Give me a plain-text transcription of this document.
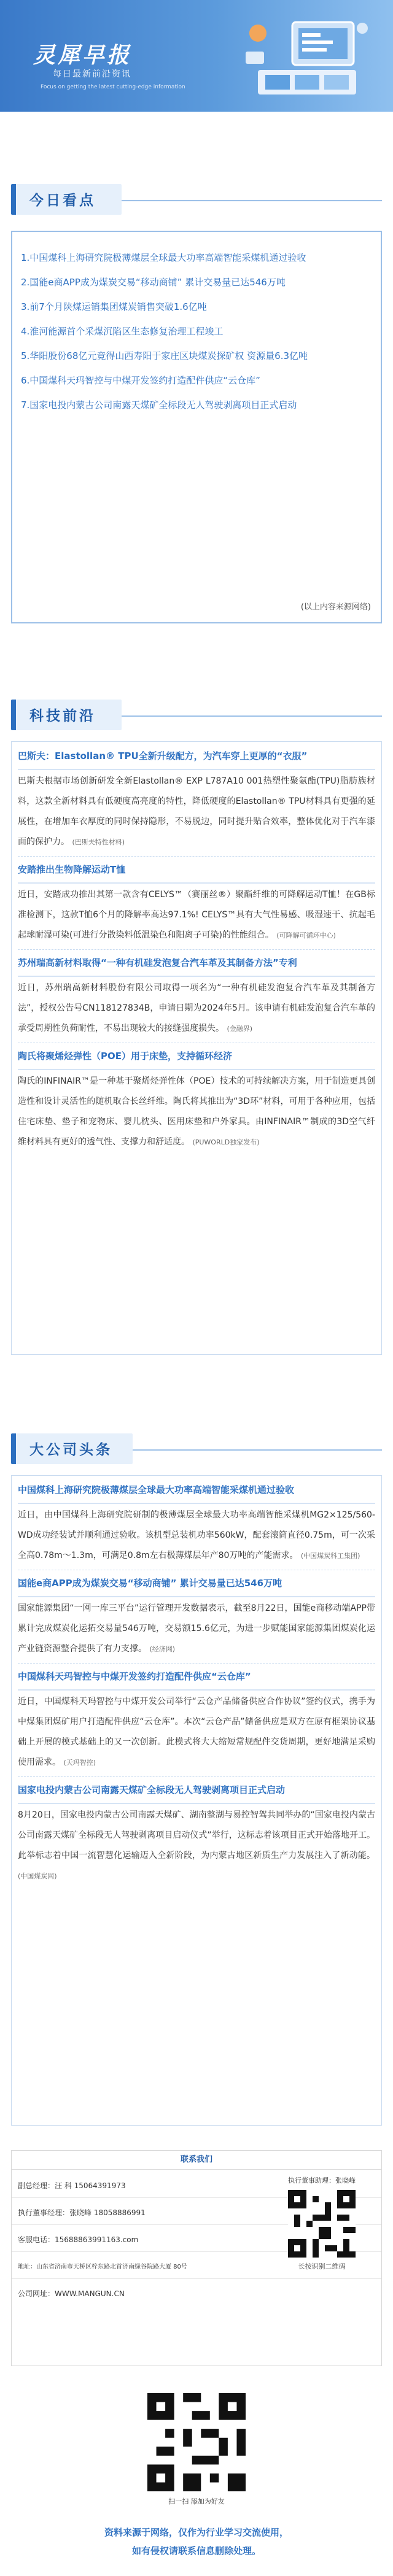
灵犀早报
每日最新前沿资讯
Focus on getting the latest cutting-edge information
今日看点
1.中国煤科上海研究院极薄煤层全球最大功率高端智能采煤机通过验收
2.国能e商APP成为煤炭交易“移动商铺” 累计交易量已达546万吨
3.前7个月陕煤运销集团煤炭销售突破1.6亿吨
4.淮河能源首个采煤沉陷区生态修复治理工程竣工
5.华阳股份68亿元竞得山西寿阳于家庄区块煤炭探矿权 资源量6.3亿吨
6.中国煤科天玛智控与中煤开发签约打造配件供应“云仓库”
7.国家电投内蒙古公司南露天煤矿全标段无人驾驶剥离项目正式启动
(以上内容来源网络)
科技前沿
巴斯夫：Elastollan® TPU全新升级配方，为汽车穿上更厚的“衣服”
巴斯夫根据市场创新研发全新Elastollan® EXP L787A10 001热塑性聚氨酯(TPU)脂肪族材料，这款全新材料具有低硬度高亮度的特性，降低硬度的Elastollan® TPU材料具有更强的延展性，在增加车衣厚度的同时保持隐形，不易脱边，同时提升贴合效率，整体优化对于汽车漆面的保护力。 (巴斯夫特性材料)
安踏推出生物降解运动T恤
近日，安踏成功推出其第一款含有CELYS™（赛丽丝®）聚酯纤维的可降解运动T恤！在GB标准检测下，这款T恤6个月的降解率高达97.1%! CELYS™具有大气性易感、吸湿速干、抗起毛起球耐湿可染(可进行分散染料低温染色和阳离子可染)的性能组合。 (可降解可循环中心)
苏州瑞高新材料取得“一种有机硅发泡复合汽车革及其制备方法”专利
近日，苏州瑞高新材料股份有限公司取得一项名为“一种有机硅发泡复合汽车革及其制备方法”，授权公告号CN118127834B，申请日期为2024年5月。该申请有机硅发泡复合汽车革的承受周期性负荷耐性，不易出现较大的接缝强度损失。 (金融界)
陶氏将聚烯烃弹性（POE）用于床垫，支持循环经济
陶氏的INFINAIR™是一种基于聚烯烃弹性体（POE）技术的可持续解决方案，用于制造更具创造性和设计灵活性的随机取合长丝纤维。陶氏将其推出为“3D环”材料，可用于各种应用，包括住宅床垫、垫子和宠物床、婴儿枕头、医用床垫和户外家具。由INFINAIR™制成的3D空气纤维材料具有更好的透气性、支撑力和舒适度。 (PUWORLD独家发布)
大公司头条
中国煤科上海研究院极薄煤层全球最大功率高端智能采煤机通过验收
近日，由中国煤科上海研究院研制的极薄煤层全球最大功率高端智能采煤机MG2×125/560-WD成功经装试并顺利通过验收。该机型总装机功率560kW，配套滚筒直径0.75m，可一次采全高0.78m～1.3m，可满足0.8m左右极薄煤层年产80万吨的产能需求。 (中国煤炭科工集团)
国能e商APP成为煤炭交易“移动商铺” 累计交易量已达546万吨
国家能源集团“一网一库三平台”运行管理开发数据表示，截至8月22日，国能e商移动端APP带累计完成煤炭化运拓交易量546万吨，交易额15.6亿元，为进一步赋能国家能源集团煤炭化运产业链资源整合提供了有力支撑。 (经济网)
中国煤科天玛智控与中煤开发签约打造配件供应“云仓库”
近日，中国煤科天玛智控与中煤开发公司举行“云仓产品储备供应合作协议”签约仪式，携手为中煤集团煤矿用户打造配件供应“云仓库”。本次“云仓产品”储备供应是双方在原有框架协议基础上开展的模式基础上的又一次创新。此模式将大大缩短常规配件交货周期，更好地满足采购使用需求。 (天玛智控)
国家电投内蒙古公司南露天煤矿全标段无人驾驶剥离项目正式启动
8月20日，国家电投内蒙古公司南露天煤矿、湖南整湖与易控智驾共同举办的“国家电投内蒙古公司南露天煤矿全标段无人驾驶剥离项目启动仪式”举行，这标志着该项目正式开始落地开工。此举标志着中国一流智慧化运输迈入全新阶段，为内蒙古地区新质生产力发展注入了新动能。 (中国煤炭网)
联系我们
副总经理：汪 科 15064391973
执行董事经理：张晓峰 18058886991
客服电话：15688863991163.com
地址：山东省济南市天桥区梓东路北首济南绿谷院路大厦 80号
公司网址：WWW.MANGUN.CN
执行董事助理：张晓峰
长按识别二维码
扫一扫 添加为好友
资料来源于网络，仅作为行业学习交流使用，
如有侵权请联系信息删除处理。
